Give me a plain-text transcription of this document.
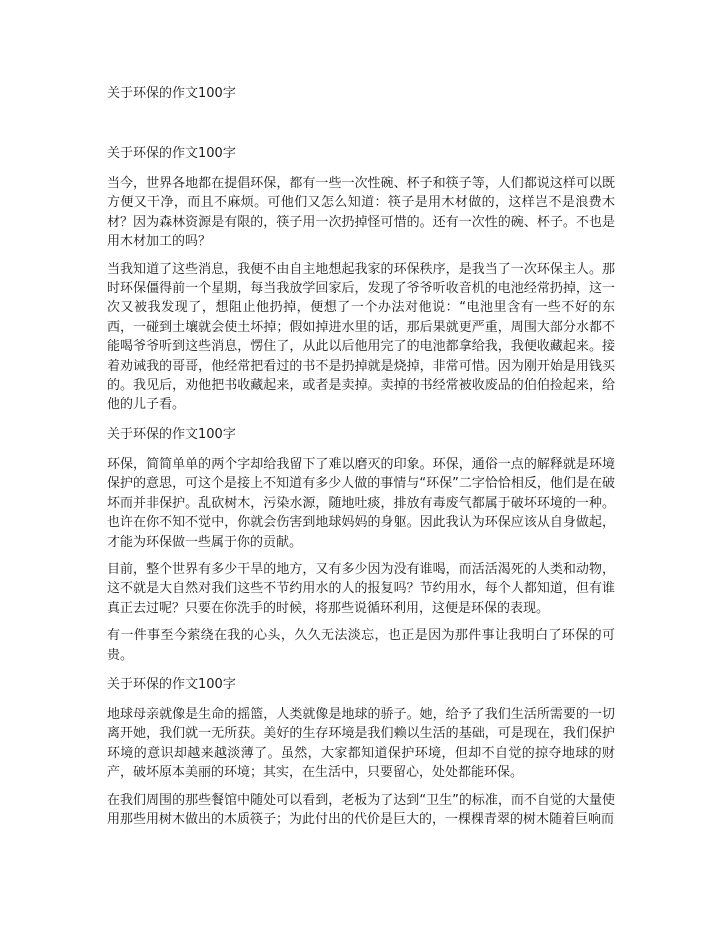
关于环保的作文100字
关于环保的作文100字

当今，世界各地都在提倡环保，都有一些一次性碗、杯子和筷子等，人们都说这样可以既方便又干净，而且不麻烦。可他们又怎么知道：筷子是用木材做的，这样岂不是浪费木材？因为森林资源是有限的，筷子用一次扔掉怪可惜的。还有一次性的碗、杯子。不也是用木材加工的吗？

当我知道了这些消息，我便不由自主地想起我家的环保秩序，是我当了一次环保主人。那时环保僵得前一个星期，每当我放学回家后，发现了爷爷听收音机的电池经常扔掉，这一次又被我发现了，想阻止他扔掉，便想了一个办法对他说：“电池里含有一些不好的东西，一碰到土壤就会使土坏掉；假如掉进水里的话，那后果就更严重，周围大部分水都不能喝爷爷听到这些消息，愣住了，从此以后他用完了的电池都拿给我，我便收藏起来。接着劝诫我的哥哥，他经常把看过的书不是扔掉就是烧掉，非常可惜。因为刚开始是用钱买的。我见后，劝他把书收藏起来，或者是卖掉。卖掉的书经常被收废品的伯伯捡起来，给他的儿子看。

关于环保的作文100字

环保，简简单单的两个字却给我留下了难以磨灭的印象。环保，通俗一点的解释就是环境保护的意思，可这个是接上不知道有多少人做的事情与“环保”二字恰恰相反，他们是在破坏而并非保护。乱砍树木，污染水源，随地吐痰，排放有毒废气都属于破坏环境的一种。也许在你不知不觉中，你就会伤害到地球妈妈的身躯。因此我认为环保应该从自身做起，才能为环保做一些属于你的贡献。

目前，整个世界有多少干旱的地方，又有多少因为没有谁喝，而活活渴死的人类和动物，这不就是大自然对我们这些不节约用水的人的报复吗？节约用水，每个人都知道，但有谁真正去过呢？只要在你洗手的时候，将那些说循环利用，这便是环保的表现。

有一件事至今萦绕在我的心头，久久无法淡忘，也正是因为那件事让我明白了环保的可贵。

关于环保的作文100字

地球母亲就像是生命的摇篮，人类就像是地球的骄子。她，给予了我们生活所需要的一切离开她，我们就一无所获。美好的生存环境是我们赖以生活的基础，可是现在，我们保护环境的意识却越来越淡薄了。虽然，大家都知道保护环境，但却不自觉的掠夺地球的财产，破坏原本美丽的环境；其实，在生活中，只要留心，处处都能环保。

在我们周围的那些餐馆中随处可以看到，老板为了达到“卫生”的标准，而不自觉的大量使用那些用树木做出的木质筷子；为此付出的代价是巨大的，一棵棵青翠的树木随着巨响而
